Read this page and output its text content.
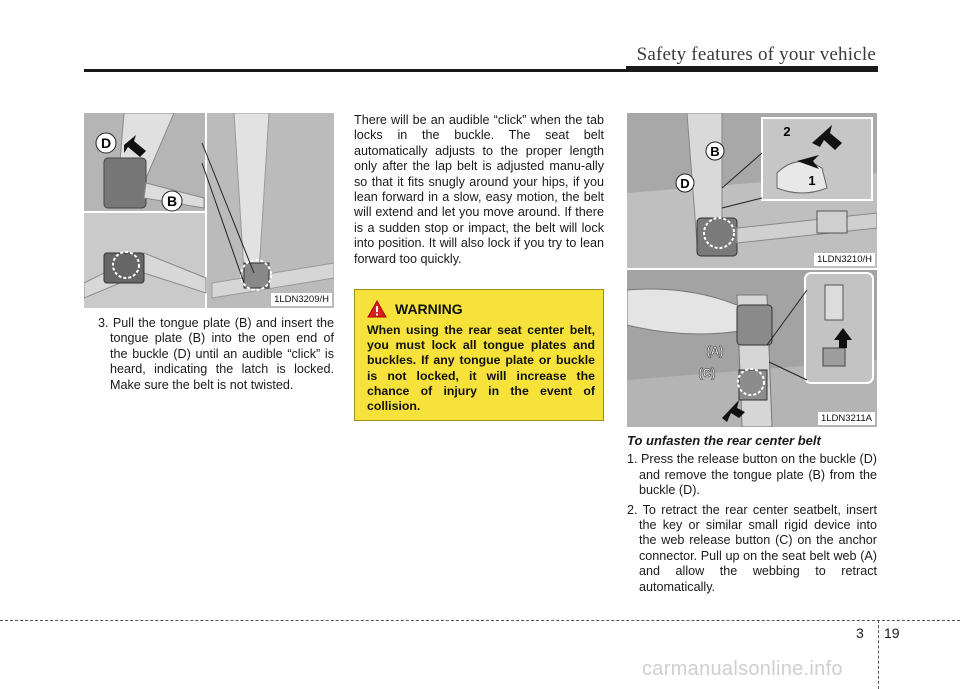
Safety features of your vehicle
D
B
1LDN3209/H

3. Pull the tongue plate (B) and insert the tongue plate (B) into the open end of the buckle (D) until an audible “click” is heard, indicating the latch is locked. Make sure the belt is not twisted.

There will be an audible “click” when the tab locks in the buckle. The seat belt automatically adjusts to the proper length only after the lap belt is adjusted manu-ally so that it fits snugly around your hips, if you lean forward in a slow, easy motion, the belt will extend and let you move around. If there is a sudden stop or impact, the belt will lock into position. It will also lock if you try to lean forward too quickly.

WARNING
When using the rear seat center belt, you must lock all tongue plates and buckles. If any tongue plate or buckle is not locked, it will increase the chance of injury in the event of collision.
B
D
2
1
1LDN3210/H
(A)
(C)
1LDN3211A
To unfasten the rear center belt

1. Press the release button on the buckle (D) and remove the tongue plate (B) from the buckle (D).

2. To retract the rear center seatbelt, insert the key or similar small rigid device into the web release button (C) on the anchor connector. Pull up on the seat belt web (A) and allow the webbing to retract automatically.

3 19
carmanualsonline.info
